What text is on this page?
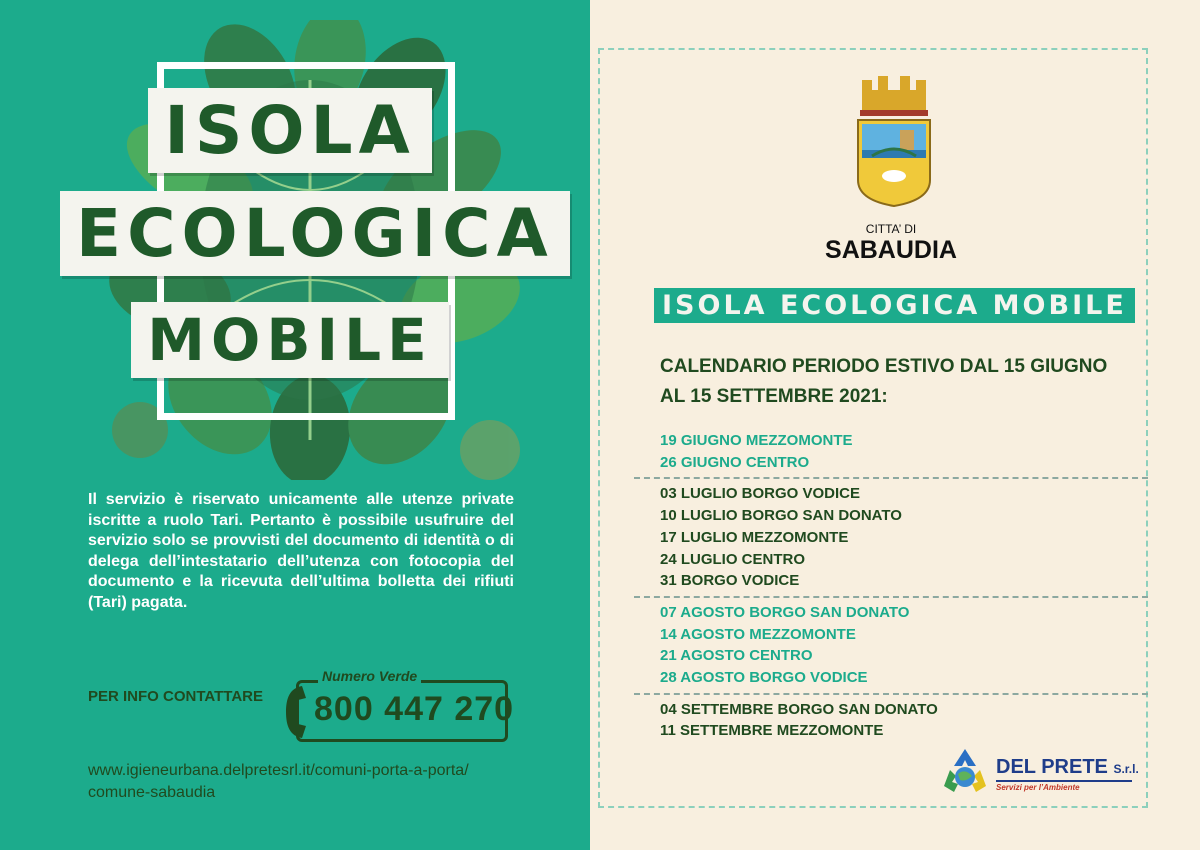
ISOLA
ECOLOGICA
MOBILE

Il servizio è riservato unicamente alle utenze private iscritte a ruolo Tari. Pertanto è possibile usufruire del servizio solo se provvisti del documento di identità o di delega dell’intestatario dell’utenza con fotocopia del documento e la ricevuta dell’ultima bolletta dei rifiuti (Tari) pagata.

PER INFO CONTATTARE
Numero Verde
800 447 270
www.igieneurbana.delpretesrl.it/comuni-porta-a-porta/
comune-sabaudia
CITTA’ DI
SABAUDIA
ISOLA ECOLOGICA MOBILE
CALENDARIO PERIODO ESTIVO DAL 15 GIUGNO
AL 15 SETTEMBRE 2021:
19 GIUGNO MEZZOMONTE
26 GIUGNO CENTRO
03 LUGLIO BORGO VODICE
10 LUGLIO BORGO SAN DONATO
17 LUGLIO MEZZOMONTE
24 LUGLIO CENTRO
31 BORGO VODICE
07 AGOSTO BORGO SAN DONATO
14 AGOSTO MEZZOMONTE
21 AGOSTO CENTRO
28 AGOSTO BORGO VODICE
04 SETTEMBRE BORGO SAN DONATO
11 SETTEMBRE MEZZOMONTE
DEL PRETE S.r.l.
Servizi per l’Ambiente
